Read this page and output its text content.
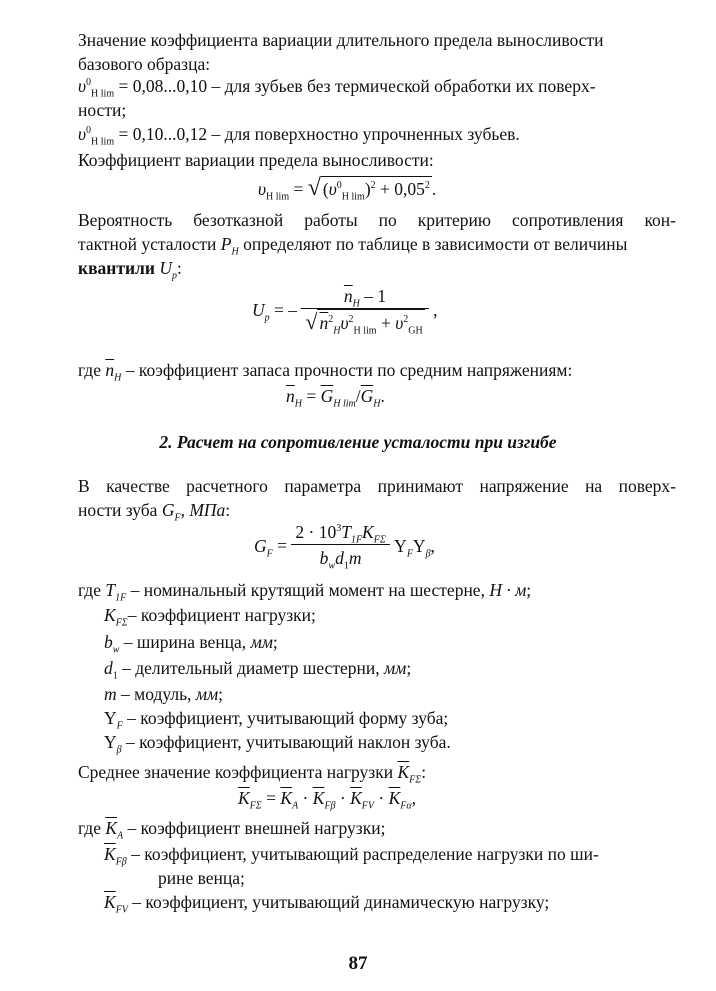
Значение коэффициента вариации длительного предела выносливости
базового образца:
$\upsilon^0_{H lim} = 0,08...0,10$ – для зубьев без термической обработки их поверх-
ности;
$\upsilon^0_{H lim} = 0,10...0,12$ – для поверхностно упрочненных зубьев.
Коэффициент вариации предела выносливости:
$\upsilon_{H lim}$ = √ $(\upsilon^0_{H lim})^2 + 0,05^2$ .
Вероятность безотказной работы по критерию сопротивления кон-
тактной усталости $P_H$ определяют по таблице в зависимости от величины
квантили $U_p$:
$U_p$ = – $\frac{\overline{n}_H - 1}{√ n^2_H\upsilon^2_{H lim} + \upsilon^2_{GH}}$ ,
где $\overline{n}_H$ – коэффициент запаса прочности по средним напряжениям:
$\overline{n}_H = \overline{G}_{H lim}/\overline{G}_H$.
2. Расчет на сопротивление усталости при изгибе
В качестве расчетного параметра принимают напряжение на поверх-
ности зуба $G_F$, МПа:
$G_F = \frac{2 \cdot 10^3T_{1F}K_{F\Sigma}}{b_wd_1m} Y_FY_\beta$,
где $T_{1F}$ – номинальный крутящий момент на шестерне, Н · м;
$K_{F\Sigma}-$ коэффициент нагрузки;
$b_w$ – ширина венца, мм;
$d_1$ – делительный диаметр шестерни, мм;
m – модуль, мм;
$Y_F$ – коэффициент, учитывающий форму зуба;
$Y_\beta$ – коэффициент, учитывающий наклон зуба.
Среднее значение коэффициента нагрузки $\overline{K}_{F\Sigma}$:
$\overline{K}_{F\Sigma} = \overline{K}_A \cdot \overline{K}_{F\beta} \cdot \overline{K}_{FV} \cdot \overline{K}_{F\alpha}$,
где $\overline{K}_A$ – коэффициент внешней нагрузки;
$\overline{K}_{F\beta}$ – коэффициент, учитывающий распределение нагрузки по ши-
рине венца;
$\overline{K}_{FV}$ – коэффициент, учитывающий динамическую нагрузку;
87
